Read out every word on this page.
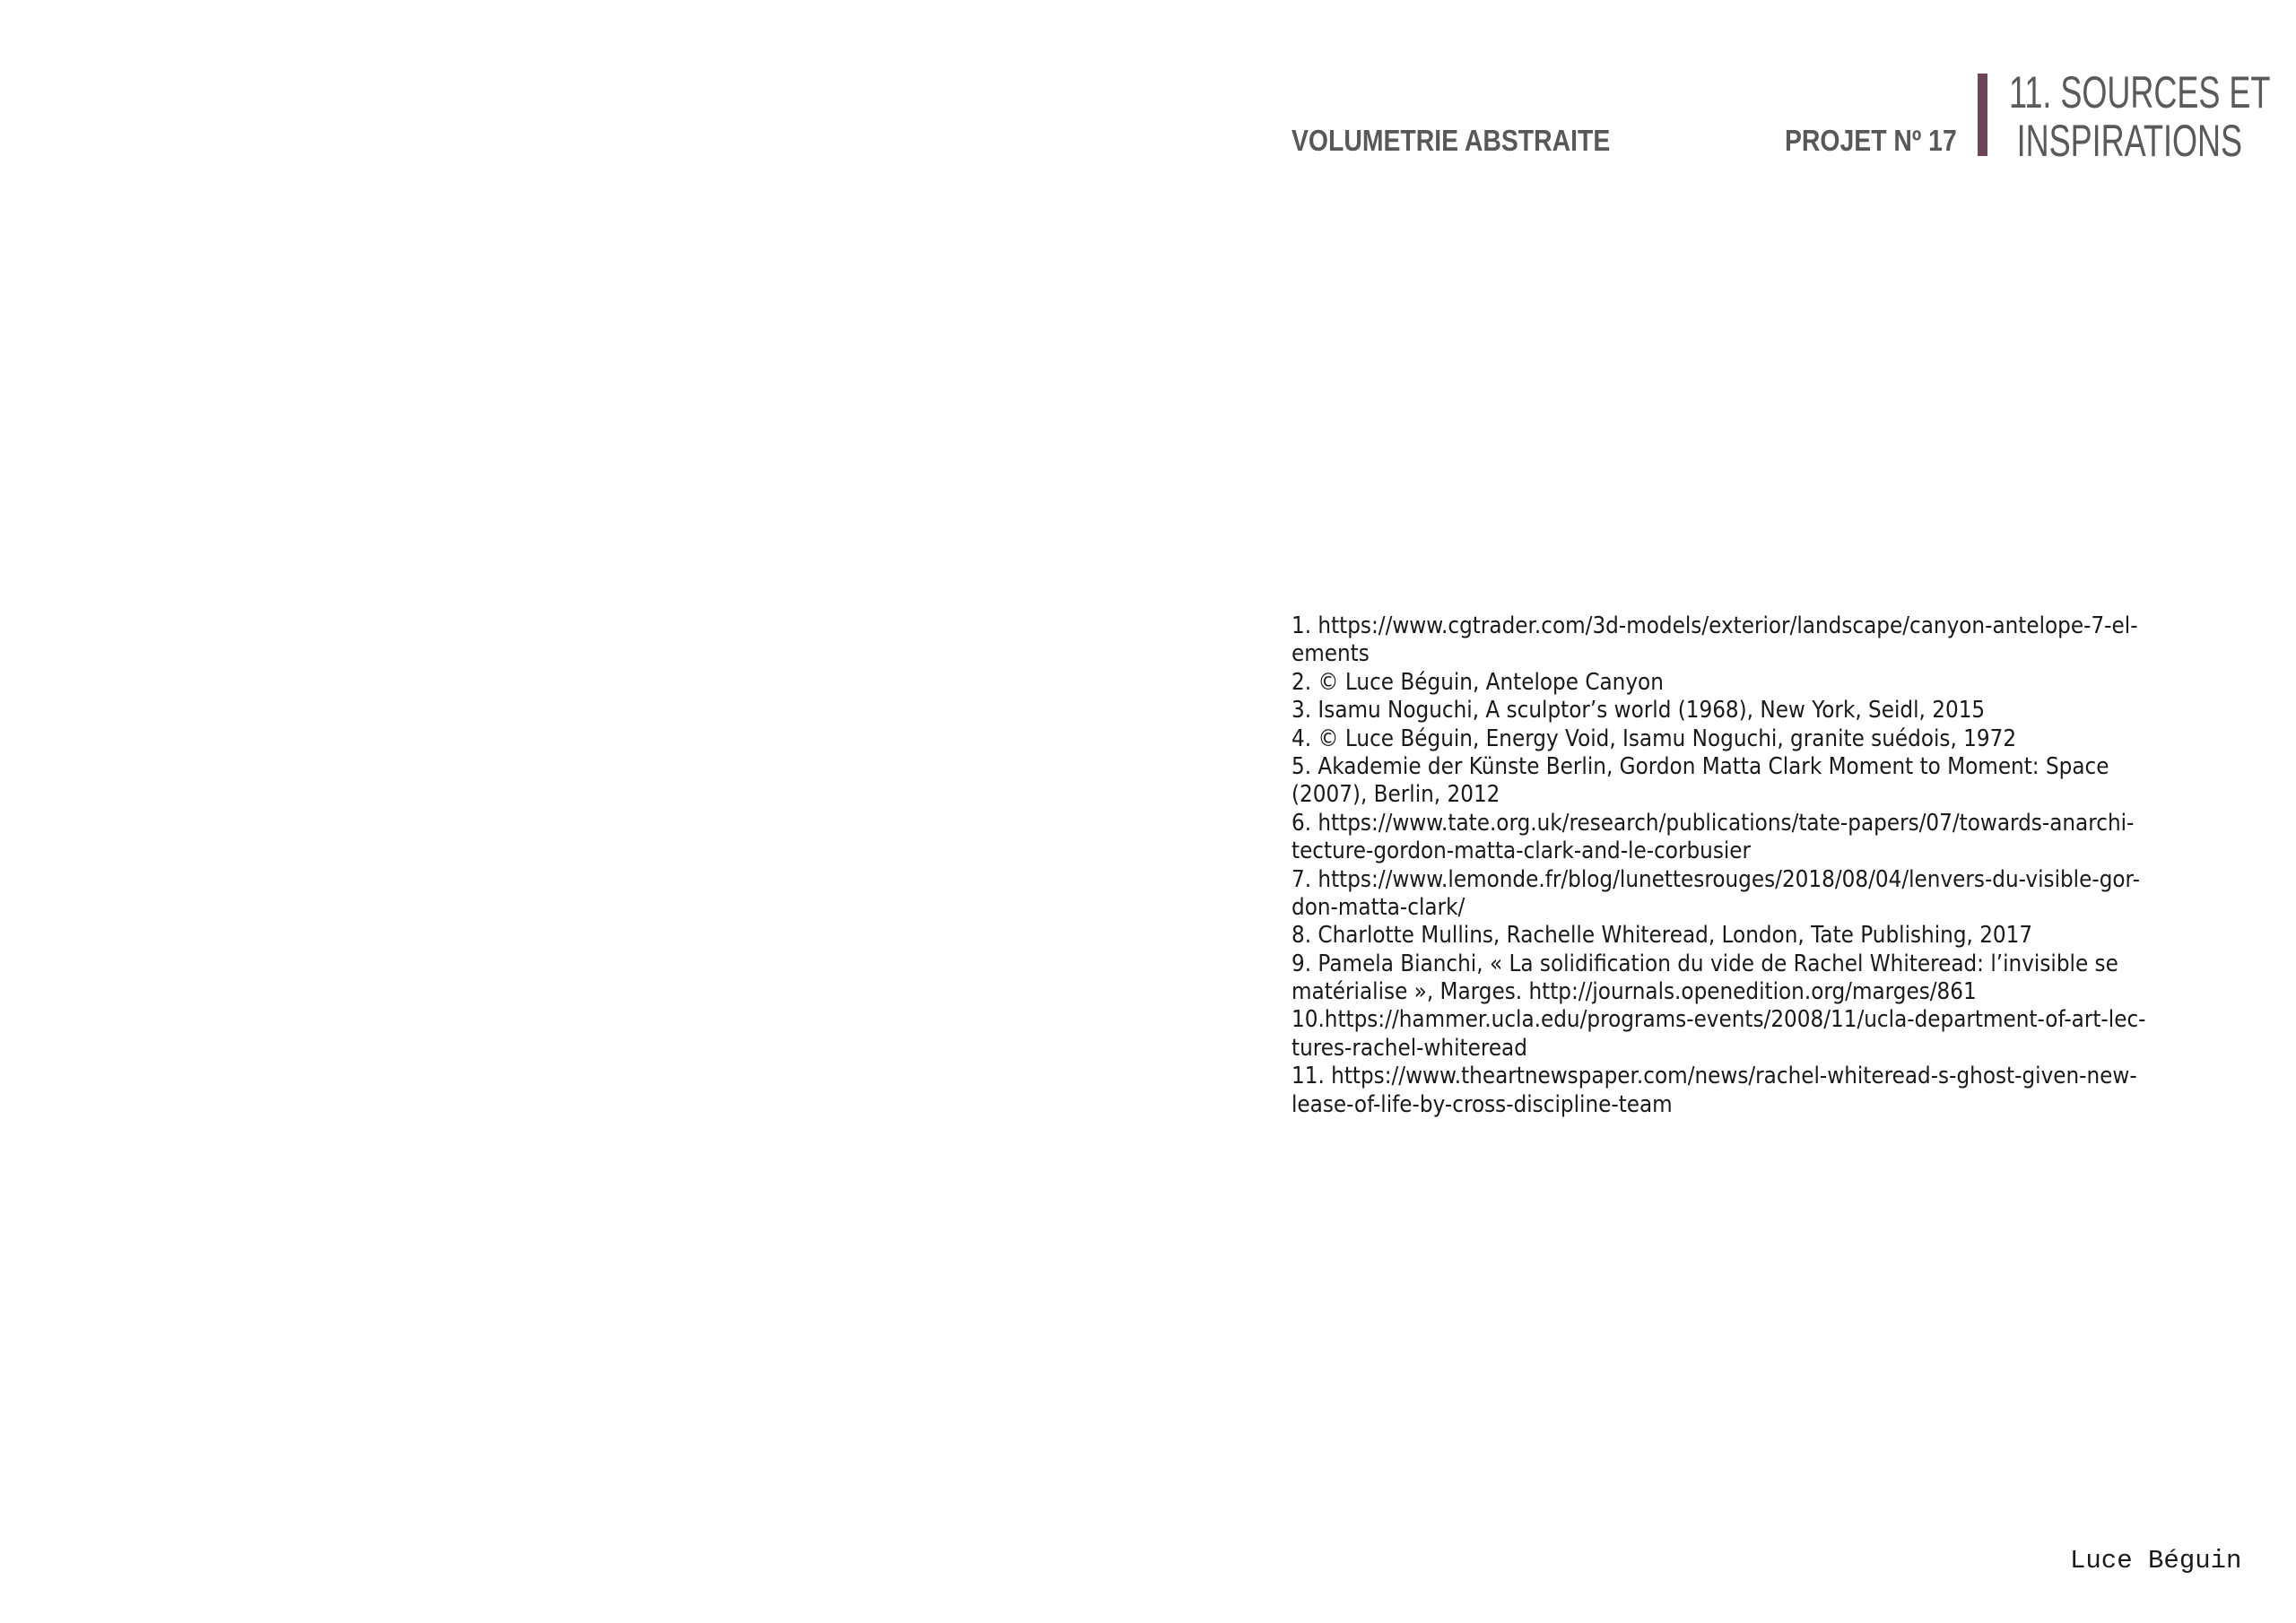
VOLUMETRIE ABSTRAITE	PROJET Nº 17
11. SOURCES ET
INSPIRATIONS
1. https://www.cgtrader.com/3d-models/exterior/landscape/canyon-antelope-7-el-
ements
2. © Luce Béguin, Antelope Canyon
3. Isamu Noguchi, A sculptor’s world (1968), New York, Seidl, 2015
4. © Luce Béguin, Energy Void, Isamu Noguchi, granite suédois, 1972
5. Akademie der Künste Berlin, Gordon Matta Clark Moment to Moment: Space
(2007), Berlin, 2012
6. https://www.tate.org.uk/research/publications/tate-papers/07/towards-anarchi-
tecture-gordon-matta-clark-and-le-corbusier
7. https://www.lemonde.fr/blog/lunettesrouges/2018/08/04/lenvers-du-visible-gor-
don-matta-clark/
8. Charlotte Mullins, Rachelle Whiteread, London, Tate Publishing, 2017
9. Pamela Bianchi, « La solidification du vide de Rachel Whiteread: l’invisible se
matérialise », Marges. http://journals.openedition.org/marges/861
10.https://hammer.ucla.edu/programs-events/2008/11/ucla-department-of-art-lec-
tures-rachel-whiteread
11. https://www.theartnewspaper.com/news/rachel-whiteread-s-ghost-given-new-
lease-of-life-by-cross-discipline-team
Luce Béguin
